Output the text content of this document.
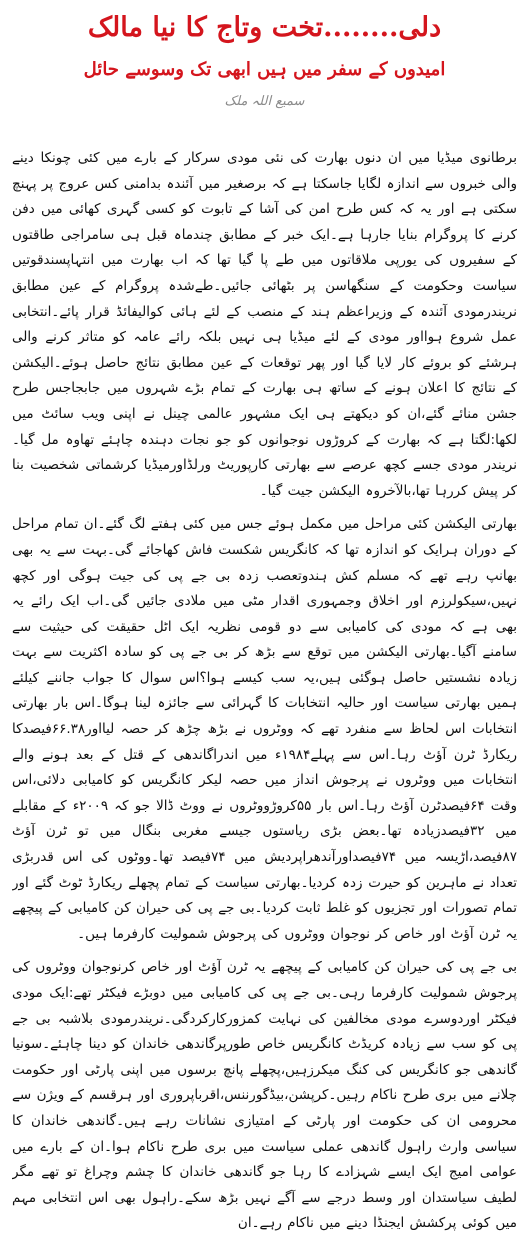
دلی........تخت وتاج کا نیا مالک
امیدوں کے سفر میں ہیں ابھی تک وسوسے حائل
سمیع اللہ ملک

برطانوی میڈیا میں ان دنوں بھارت کی نئی مودی سرکار کے بارے میں کئی چونکا دینے والی خبروں سے اندازہ لگایا جاسکتا ہے کہ برصغیر میں آئندہ بدامنی کس عروج پر پہنچ سکتی ہے اور یہ کہ کس طرح امن کی آشا کے تابوت کو کسی گہری کھائی میں دفن کرنے کا پروگرام بنایا جارہا ہے۔ایک خبر کے مطابق چندماہ قبل ہی سامراجی طاقتوں کے سفیروں کی یورپی ملاقاتوں میں طے پا گیا تھا کہ اب بھارت میں انتہاپسندقوتیں سیاست وحکومت کے سنگھاسن پر بٹھائی جائیں۔طےشدہ پروگرام کے عین مطابق نریندرمودی آئندہ کے وزیراعظم ہند کے منصب کے لئے ہائی کوالیفائڈ قرار پائے۔انتخابی عمل شروع ہوااور مودی کے لئے میڈیا ہی نہیں بلکہ رائے عامہ کو متاثر کرنے والی ہرشئے کو بروئے کار لایا گیا اور پھر توقعات کے عین مطابق نتائج حاصل ہوئے۔الیکشن کے نتائج کا اعلان ہونے کے ساتھ ہی بھارت کے تمام بڑے شہروں میں جابجاجس طرح جشن منائے گئے،ان کو دیکھتے ہی ایک مشہور عالمی چینل نے اپنی ویب سائٹ میں لکھا:لگتا ہے کہ بھارت کے کروڑوں نوجوانوں کو جو نجات دہندہ چاہئے تھاوہ مل گیا۔نریندر مودی جسے کچھ عرصے سے بھارتی کارپوریٹ ورلڈاورمیڈیا کرشماتی شخصیت بنا کر پیش کررہا تھا،بالآخروہ الیکشن جیت گیا۔

بھارتی الیکشن کئی مراحل میں مکمل ہوئے جس میں کئی ہفتے لگ گئے۔ان تمام مراحل کے دوران ہرایک کو اندازہ تھا کہ کانگریس شکست فاش کھاجائے گی۔بہت سے یہ بھی بھانپ رہے تھے کہ مسلم کش ہندوتعصب زدہ بی جے پی کی جیت ہوگی اور کچھ نہیں،سیکولرزم اور اخلاق وجمہوری اقدار مٹی میں ملادی جائیں گی۔اب ایک رائے یہ بھی ہے کہ مودی کی کامیابی سے دو قومی نظریہ ایک اٹل حقیقت کی حیثیت سے سامنے آگیا۔بھارتی الیکشن میں توقع سے بڑھ کر بی جے پی کو سادہ اکثریت سے بہت زیادہ نشستیں حاصل ہوگئی ہیں،یہ سب کیسے ہوا؟اس سوال کا جواب جاننے کیلئے ہمیں بھارتی سیاست اور حالیہ انتخابات کا گہرائی سے جائزہ لینا ہوگا۔اس بار بھارتی انتخابات اس لحاظ سے منفرد تھے کہ ووٹروں نے بڑھ چڑھ کر حصہ لیااور۶۶.۳۸فیصدکا ریکارڈ ٹرن آؤٹ رہا۔اس سے پہلے۱۹۸۴ء میں اندراگاندھی کے قتل کے بعد ہونے والے انتخابات میں ووٹروں نے پرجوش انداز میں حصہ لیکر کانگریس کو کامیابی دلائی،اس وقت ۶۴فیصدٹرن آؤٹ رہا۔اس بار ۵۵کروڑووٹروں نے ووٹ ڈالا جو کہ ۲۰۰۹ء کے مقابلے میں ۳۲فیصدزیادہ تھا۔بعض بڑی ریاستوں جیسے مغربی بنگال میں تو ٹرن آؤٹ ۸۷فیصد،اڑیسہ میں ۷۴فیصداورآندھراپردیش میں ۷۴فیصد تھا۔ووٹوں کی اس قدربڑی تعداد نے ماہرین کو حیرت زدہ کردیا۔بھارتی سیاست کے تمام پچھلے ریکارڈ ٹوٹ گئے اور تمام تصورات اور تجزیوں کو غلط ثابت کردیا۔بی جے پی کی حیران کن کامیابی کے پیچھے یہ ٹرن آؤٹ اور خاص کر نوجوان ووٹروں کی پرجوش شمولیت کارفرما ہیں۔

بی جے پی کی حیران کن کامیابی کے پیچھے یہ ٹرن آؤٹ اور خاص کرنوجوان ووٹروں کی پرجوش شمولیت کارفرما رہی۔بی جے پی کی کامیابی میں دوبڑے فیکٹر تھے:ایک مودی فیکٹر اوردوسرے مودی مخالفین کی نہایت کمزورکارکردگی۔نریندرمودی بلاشبہ بی جے پی کو سب سے زیادہ کریڈٹ کانگریس خاص طورپرگاندھی خاندان کو دینا چاہئے۔سونیا گاندھی جو کانگریس کی کنگ میکرزہیں،پچھلے پانچ برسوں میں اپنی پارٹی اور حکومت چلانے میں بری طرح ناکام رہیں۔کرپشن،بیڈگورننس،اقرباپروری اور ہرقسم کے ویژن سے محرومی ان کی حکومت اور پارٹی کے امتیازی نشانات رہے ہیں۔گاندھی خاندان کا سیاسی وارث راہول گاندھی عملی سیاست میں بری طرح ناکام ہوا۔ان کے بارے میں عوامی امیج ایک ایسے شہزادے کا رہا جو گاندھی خاندان کا چشم وچراغ تو تھے مگر لطیف سیاستدان اور وسط درجے سے آگے نہیں بڑھ سکے۔راہول بھی اس انتخابی مہم میں کوئی پرکشش ایجنڈا دینے میں ناکام رہے۔ان
